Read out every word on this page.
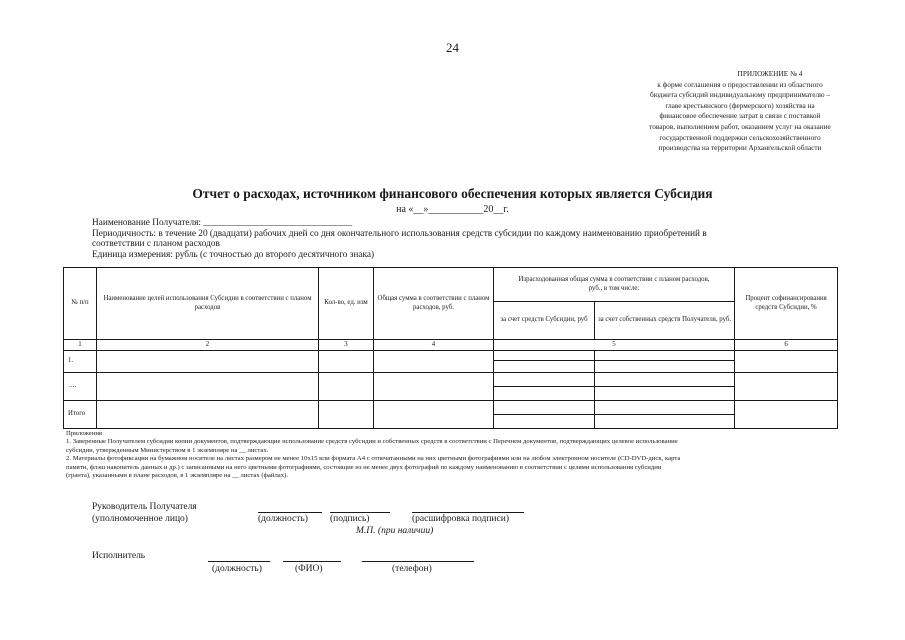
24
ПРИЛОЖЕНИЕ № 4
к форме соглашения о предоставлении из областного
бюджета субсидий индивидуальному предпринимателю –
главе крестьянского (фермерского) хозяйства на
финансовое обеспечение затрат в связи с поставкой
товаров, выполнением работ, оказанием услуг на оказание
государственной поддержки сельскохозяйственного
производства на территории Архангельской области
Отчет о расходах, источником финансового обеспечения которых является Субсидия
на «__»___________20__г.
Наименование Получателя: ________________________________
Периодичность: в течение 20 (двадцати) рабочих дней со дня окончательного использования средств субсидии по каждому наименованию приобретений в
соответствии с планом расходов
Единица измерения: рубль (с точностью до второго десятичного знака)
№ п/п	Наименование целей использования Субсидии в соответствии с планом расходов	Кол-во, ед. изм	Общая сумма в соответствии с планом расходов, руб.	Израсходованная общая сумма в соответствии с планом расходов, руб., в том числе:		Процент софинансирования средств Субсидии, %
				за счет средств Субсидии, руб	за счет собственных средств Получателя, руб.	
1	2	3	4	5		6
1.						

….						

Итого						

Приложения
1. Заверенные Получателем субсидии копии документов, подтверждающие использование средств субсидии и собственных средств в соответствии с Перечнем документов, подтверждающих целевое использование
субсидии, утвержденным Министерством в 1 экземпляре на __ листах.
2. Материалы фотофиксации на бумажном носителе на листах размером не менее 10х15 или формата А4 с отпечатанными на них цветными фотографиями или на любом электронном носителе (CD-DVD-диск, карта
памяти, флэш накопитель данных и др.) с записанными на него цветными фотографиями, состоящие из не менее двух фотографий по каждому наименованию в соответствии с целями использования субсидии
(гранта), указанными в плане расходов, в 1 экземпляре на __ листах (файлах).
Руководитель Получателя
(уполномоченное лицо)	(должность) (подпись)	(расшифровка подписи)
М.П. (при наличии)
Исполнитель
(должность)	(ФИО)	(телефон)
